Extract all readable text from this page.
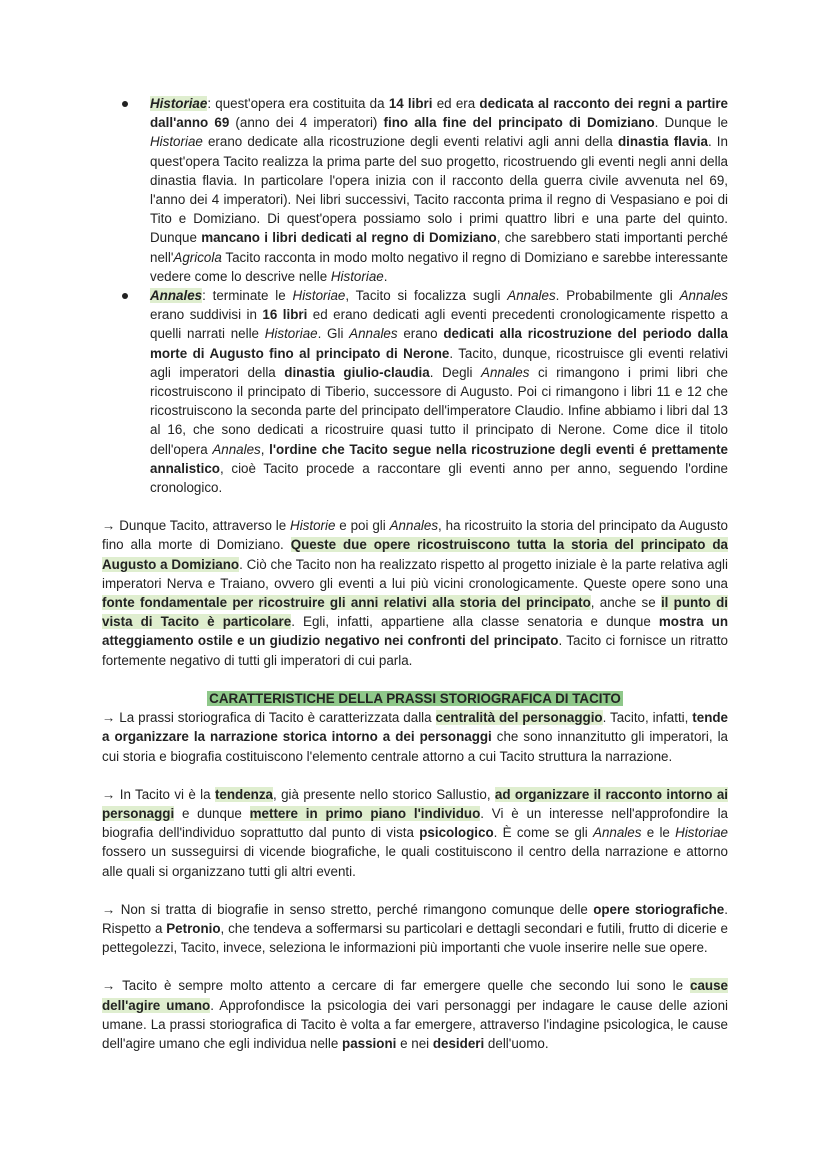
Historiae: quest'opera era costituita da 14 libri ed era dedicata al racconto dei regni a partire dall'anno 69 (anno dei 4 imperatori) fino alla fine del principato di Domiziano. Dunque le Historiae erano dedicate alla ricostruzione degli eventi relativi agli anni della dinastia flavia. In quest'opera Tacito realizza la prima parte del suo progetto, ricostruendo gli eventi negli anni della dinastia flavia. In particolare l'opera inizia con il racconto della guerra civile avvenuta nel 69, l'anno dei 4 imperatori). Nei libri successivi, Tacito racconta prima il regno di Vespasiano e poi di Tito e Domiziano. Di quest'opera possiamo solo i primi quattro libri e una parte del quinto. Dunque mancano i libri dedicati al regno di Domiziano, che sarebbero stati importanti perché nell'Agricola Tacito racconta in modo molto negativo il regno di Domiziano e sarebbe interessante vedere come lo descrive nelle Historiae.
Annales: terminate le Historiae, Tacito si focalizza sugli Annales. Probabilmente gli Annales erano suddivisi in 16 libri ed erano dedicati agli eventi precedenti cronologicamente rispetto a quelli narrati nelle Historiae. Gli Annales erano dedicati alla ricostruzione del periodo dalla morte di Augusto fino al principato di Nerone. Tacito, dunque, ricostruisce gli eventi relativi agli imperatori della dinastia giulio-claudia. Degli Annales ci rimangono i primi libri che ricostruiscono il principato di Tiberio, successore di Augusto. Poi ci rimangono i libri 11 e 12 che ricostruiscono la seconda parte del principato dell'imperatore Claudio. Infine abbiamo i libri dal 13 al 16, che sono dedicati a ricostruire quasi tutto il principato di Nerone. Come dice il titolo dell'opera Annales, l'ordine che Tacito segue nella ricostruzione degli eventi é prettamente annalistico, cioè Tacito procede a raccontare gli eventi anno per anno, seguendo l'ordine cronologico.

→ Dunque Tacito, attraverso le Historie e poi gli Annales, ha ricostruito la storia del principato da Augusto fino alla morte di Domiziano. Queste due opere ricostruiscono tutta la storia del principato da Augusto a Domiziano. Ciò che Tacito non ha realizzato rispetto al progetto iniziale è la parte relativa agli imperatori Nerva e Traiano, ovvero gli eventi a lui più vicini cronologicamente. Queste opere sono una fonte fondamentale per ricostruire gli anni relativi alla storia del principato, anche se il punto di vista di Tacito è particolare. Egli, infatti, appartiene alla classe senatoria e dunque mostra un atteggiamento ostile e un giudizio negativo nei confronti del principato. Tacito ci fornisce un ritratto fortemente negativo di tutti gli imperatori di cui parla.

CARATTERISTICHE DELLA PRASSI STORIOGRAFICA DI TACITO

→ La prassi storiografica di Tacito è caratterizzata dalla centralità del personaggio. Tacito, infatti, tende a organizzare la narrazione storica intorno a dei personaggi che sono innanzitutto gli imperatori, la cui storia e biografia costituiscono l'elemento centrale attorno a cui Tacito struttura la narrazione.

→ In Tacito vi è la tendenza, già presente nello storico Sallustio, ad organizzare il racconto intorno ai personaggi e dunque mettere in primo piano l'individuo. Vi è un interesse nell'approfondire la biografia dell'individuo soprattutto dal punto di vista psicologico. È come se gli Annales e le Historiae fossero un susseguirsi di vicende biografiche, le quali costituiscono il centro della narrazione e attorno alle quali si organizzano tutti gli altri eventi.

→ Non si tratta di biografie in senso stretto, perché rimangono comunque delle opere storiografiche. Rispetto a Petronio, che tendeva a soffermarsi su particolari e dettagli secondari e futili, frutto di dicerie e pettegolezzi, Tacito, invece, seleziona le informazioni più importanti che vuole inserire nelle sue opere.

→ Tacito è sempre molto attento a cercare di far emergere quelle che secondo lui sono le cause dell'agire umano. Approfondisce la psicologia dei vari personaggi per indagare le cause delle azioni umane. La prassi storiografica di Tacito è volta a far emergere, attraverso l'indagine psicologica, le cause dell'agire umano che egli individua nelle passioni e nei desideri dell'uomo.
